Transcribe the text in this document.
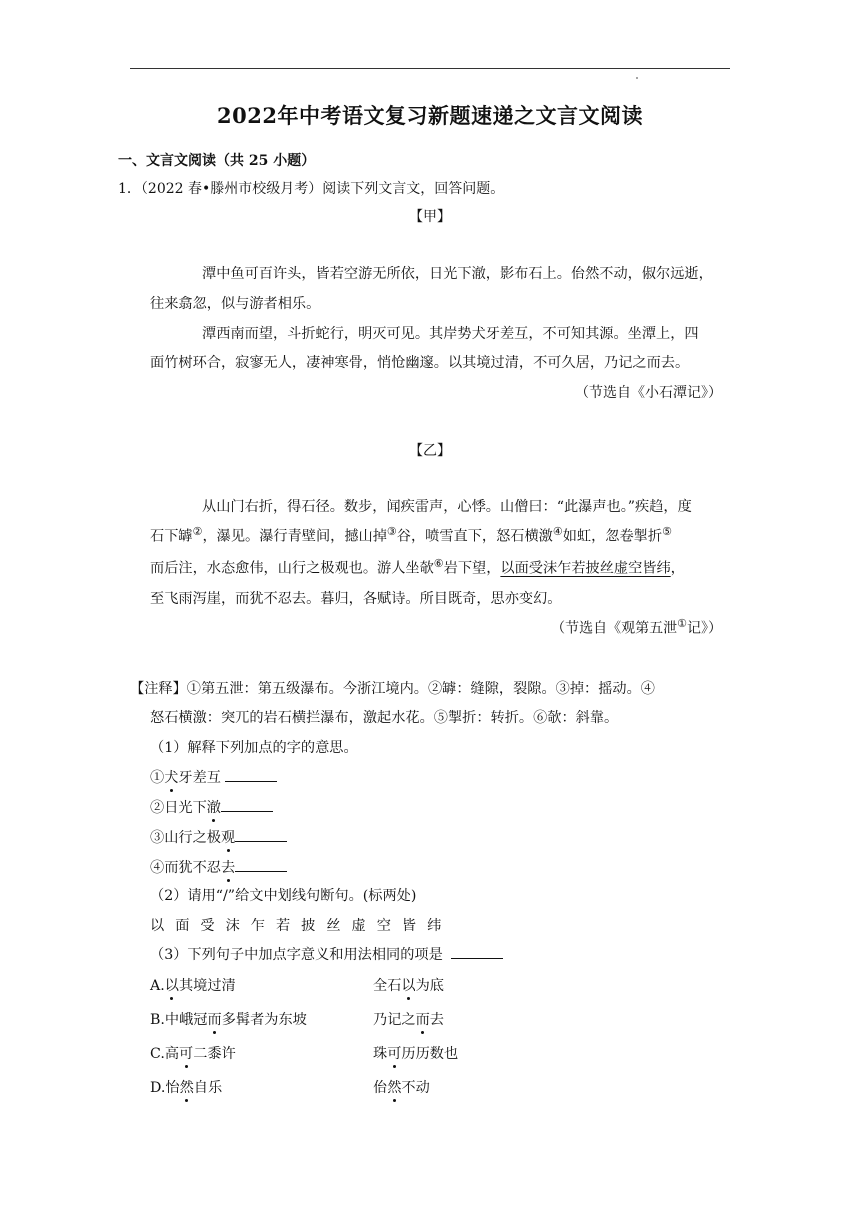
2022年中考语文复习新题速递之文言文阅读
一、文言文阅读（共 25 小题）
1．（2022 春•滕州市校级月考）阅读下列文言文，回答问题。
【甲】
潭中鱼可百许头，皆若空游无所依，日光下澈，影布石上。佁然不动，俶尔远逝，
往来翕忽，似与游者相乐。
潭西南而望，斗折蛇行，明灭可见。其岸势犬牙差互，不可知其源。坐潭上，四
面竹树环合，寂寥无人，凄神寒骨，悄怆幽邃。以其境过清，不可久居，乃记之而去。
（节选自《小石潭记》）
【乙】
从山门右折，得石径。数步，闻疾雷声，心悸。山僧曰：“此瀑声也。”疾趋，度
石下罅②，瀑见。瀑行青壁间，撼山掉③谷，喷雪直下，怒石横激④如虹，忽卷掣折⑤
而后注，水态愈伟，山行之极观也。游人坐欹⑥岩下望，以面受沫乍若披丝虚空皆纬，
至飞雨泻崖，而犹不忍去。暮归，各赋诗。所目既奇，思亦变幻。
（节选自《观第五泄①记》）
【注释】①第五泄：第五级瀑布。今浙江境内。②罅：缝隙，裂隙。③掉：摇动。④
怒石横激：突兀的岩石横拦瀑布，激起水花。⑤掣折：转折。⑥欹：斜靠。
（1）解释下列加点的字的意思。
①犬牙差互
②日光下澈
③山行之极观
④而犹不忍去
（2）请用“/”给文中划线句断句。(标两处)
以面受沫乍若披丝虚空皆纬
（3）下列句子中加点字意义和用法相同的项是
A.以其境过清	全石以为底
B.中峨冠而多髯者为东坡	乃记之而去
C.高可二黍许	珠可历历数也
D.怡然自乐	佁然不动
